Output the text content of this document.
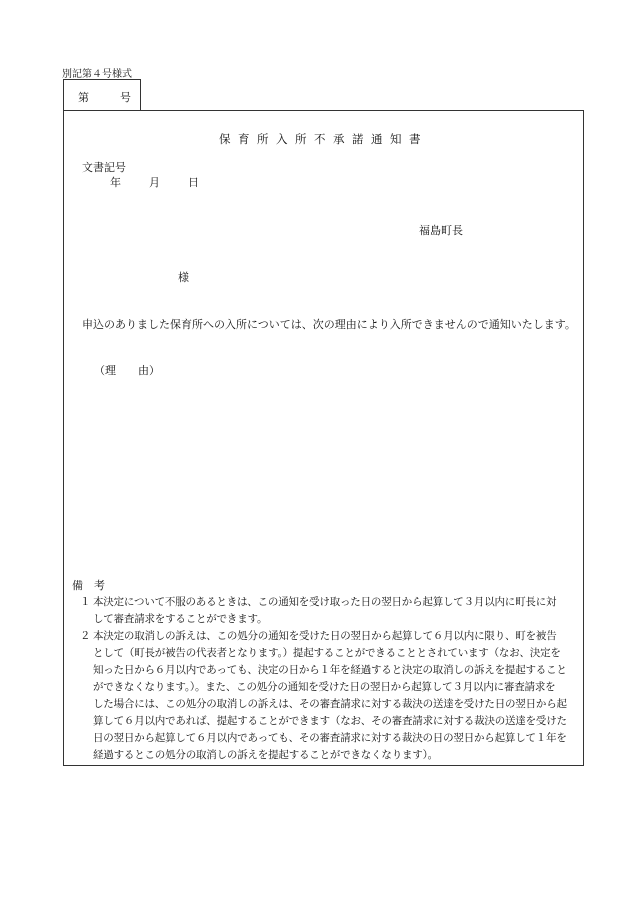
別記第４号様式
第	号
保育所入所不承諾通知書
文書記号
年	月	日
福島町長
様
申込のありました保育所への入所については、次の理由により入所できませんので通知いたします。
（理　　由）
備　考
１ 本決定について不服のあるときは、この通知を受け取った日の翌日から起算して３月以内に町長に対
して審査請求をすることができます。
２ 本決定の取消しの訴えは、この処分の通知を受けた日の翌日から起算して６月以内に限り、町を被告
として（町長が被告の代表者となります。）提起することができることとされています（なお、決定を
知った日から６月以内であっても、決定の日から１年を経過すると決定の取消しの訴えを提起すること
ができなくなります。）。また、この処分の通知を受けた日の翌日から起算して３月以内に審査請求を
した場合には、この処分の取消しの訴えは、その審査請求に対する裁決の送達を受けた日の翌日から起
算して６月以内であれば、提起することができます（なお、その審査請求に対する裁決の送達を受けた
日の翌日から起算して６月以内であっても、その審査請求に対する裁決の日の翌日から起算して１年を
経過するとこの処分の取消しの訴えを提起することができなくなります）。
